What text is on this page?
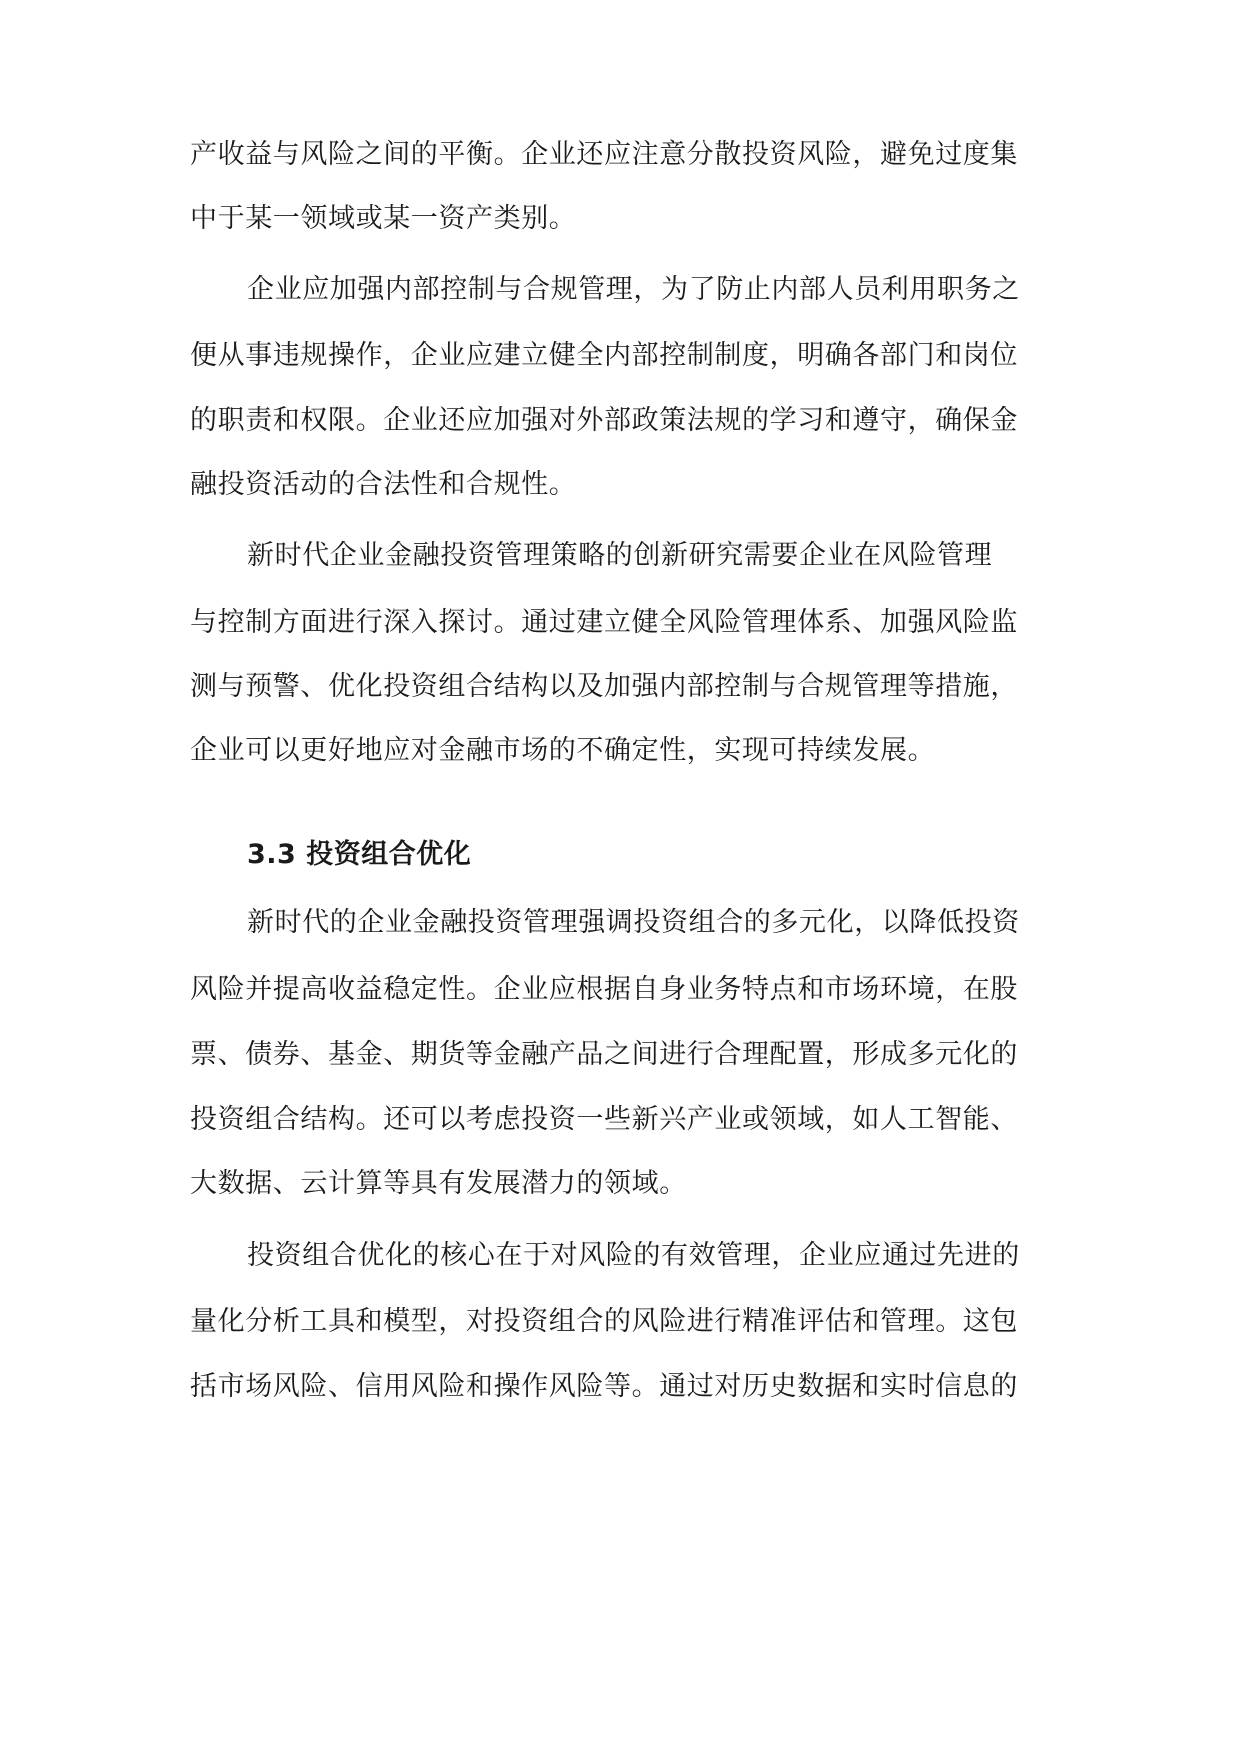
产收益与风险之间的平衡。企业还应注意分散投资风险，避免过度集
中于某一领域或某一资产类别。
企业应加强内部控制与合规管理，为了防止内部人员利用职务之
便从事违规操作，企业应建立健全内部控制制度，明确各部门和岗位
的职责和权限。企业还应加强对外部政策法规的学习和遵守，确保金
融投资活动的合法性和合规性。
新时代企业金融投资管理策略的创新研究需要企业在风险管理
与控制方面进行深入探讨。通过建立健全风险管理体系、加强风险监
测与预警、优化投资组合结构以及加强内部控制与合规管理等措施，
企业可以更好地应对金融市场的不确定性，实现可持续发展。
3.3 投资组合优化
新时代的企业金融投资管理强调投资组合的多元化，以降低投资
风险并提高收益稳定性。企业应根据自身业务特点和市场环境，在股
票、债券、基金、期货等金融产品之间进行合理配置，形成多元化的
投资组合结构。还可以考虑投资一些新兴产业或领域，如人工智能、
大数据、云计算等具有发展潜力的领域。
投资组合优化的核心在于对风险的有效管理，企业应通过先进的
量化分析工具和模型，对投资组合的风险进行精准评估和管理。这包
括市场风险、信用风险和操作风险等。通过对历史数据和实时信息的
